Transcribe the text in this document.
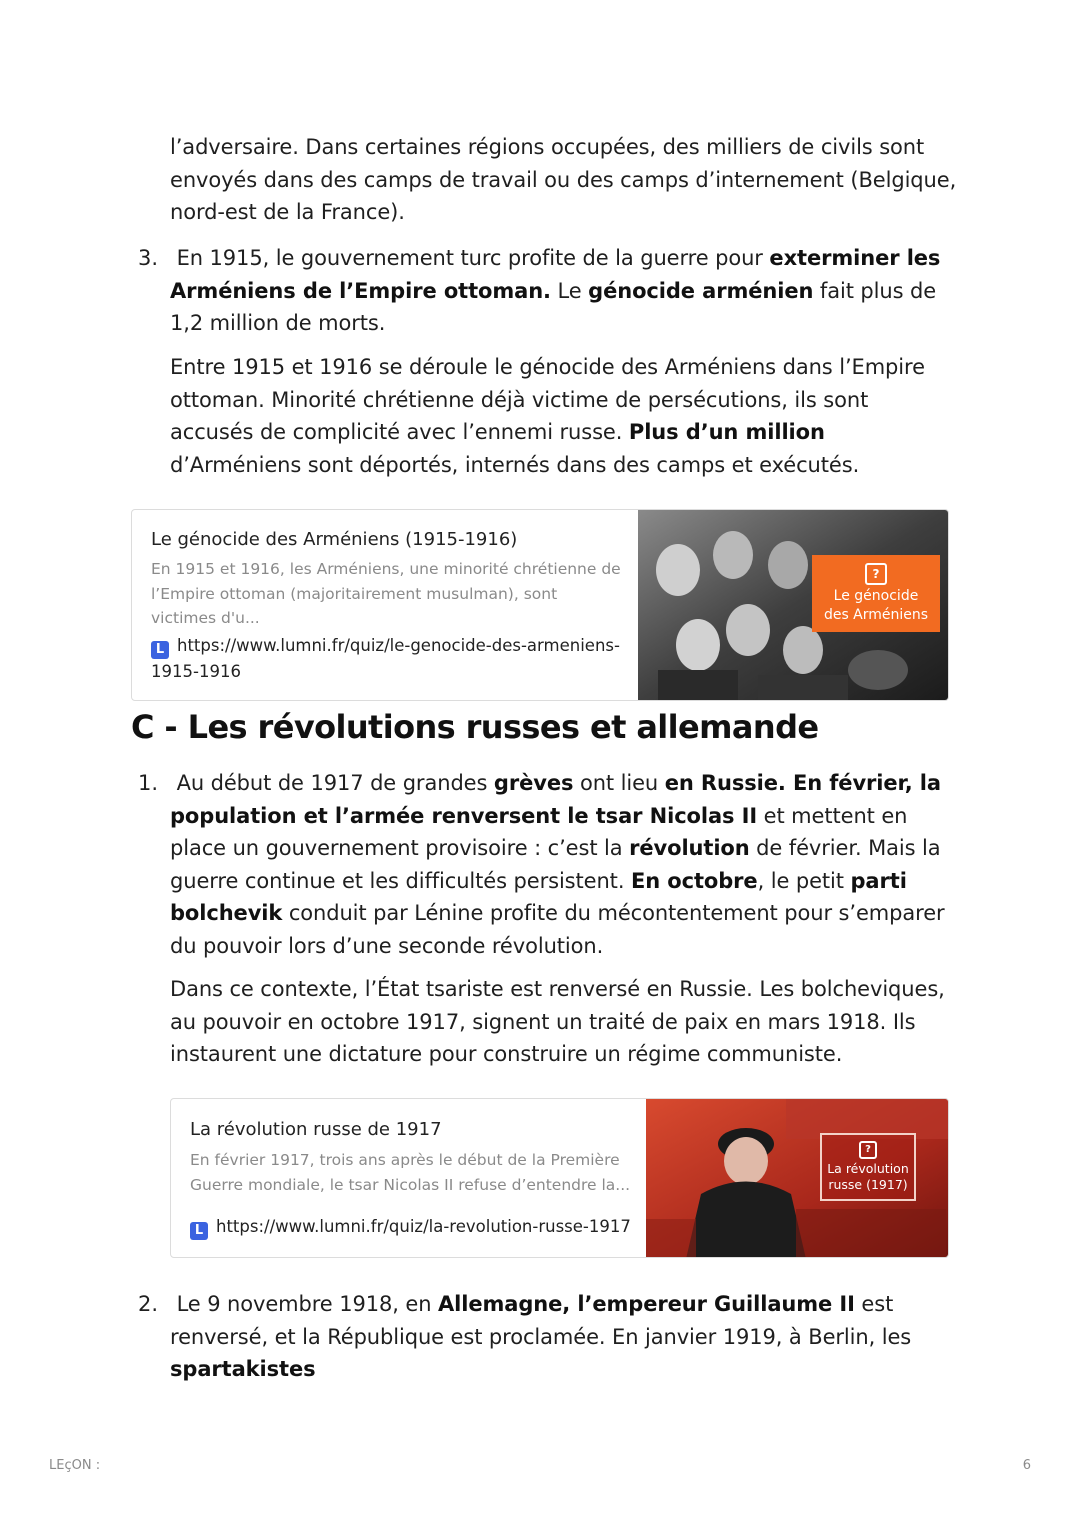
l’adversaire. Dans certaines régions occupées, des milliers de civils sont
envoyés dans des camps de travail ou des camps d’internement (Belgique,
nord-est de la France).

3. En 1915, le gouvernement turc profite de la guerre pour exterminer les Arméniens de l’Empire ottoman. Le génocide arménien fait plus de 1,2 million de morts.

Entre 1915 et 1916 se déroule le génocide des Arméniens dans l’Empire ottoman. Minorité chrétienne déjà victime de persécutions, ils sont accusés de complicité avec l’ennemi russe. Plus d’un million d’Arméniens sont déportés, internés dans des camps et exécutés.

Le génocide des Arméniens (1915-1916)
En 1915 et 1916, les Arméniens, une minorité chrétienne de l’Empire ottoman (majoritairement musulman), sont victimes d'u...
L https://www.lumni.fr/quiz/le-genocide-des-armeniens-1915-1916
?
Le génocide
des Arméniens
C - Les révolutions russes et allemande
1. Au début de 1917 de grandes grèves ont lieu en Russie. En février, la population et l’armée renversent le tsar Nicolas II et mettent en place un gouvernement provisoire : c’est la révolution de février. Mais la guerre continue et les difficultés persistent. En octobre, le petit parti bolchevik conduit par Lénine profite du mécontentement pour s’emparer du pouvoir lors d’une seconde révolution.

Dans ce contexte, l’État tsariste est renversé en Russie. Les bolcheviques, au pouvoir en octobre 1917, signent un traité de paix en mars 1918. Ils instaurent une dictature pour construire un régime communiste.

La révolution russe de 1917
En février 1917, trois ans après le début de la Première Guerre mondiale, le tsar Nicolas II refuse d’entendre la...
L https://www.lumni.fr/quiz/la-revolution-russe-1917
?
La révolution
russe (1917)
2. Le 9 novembre 1918, en Allemagne, l’empereur Guillaume II est renversé, et la République est proclamée. En janvier 1919, à Berlin, les spartakistes

LEçON :	6
